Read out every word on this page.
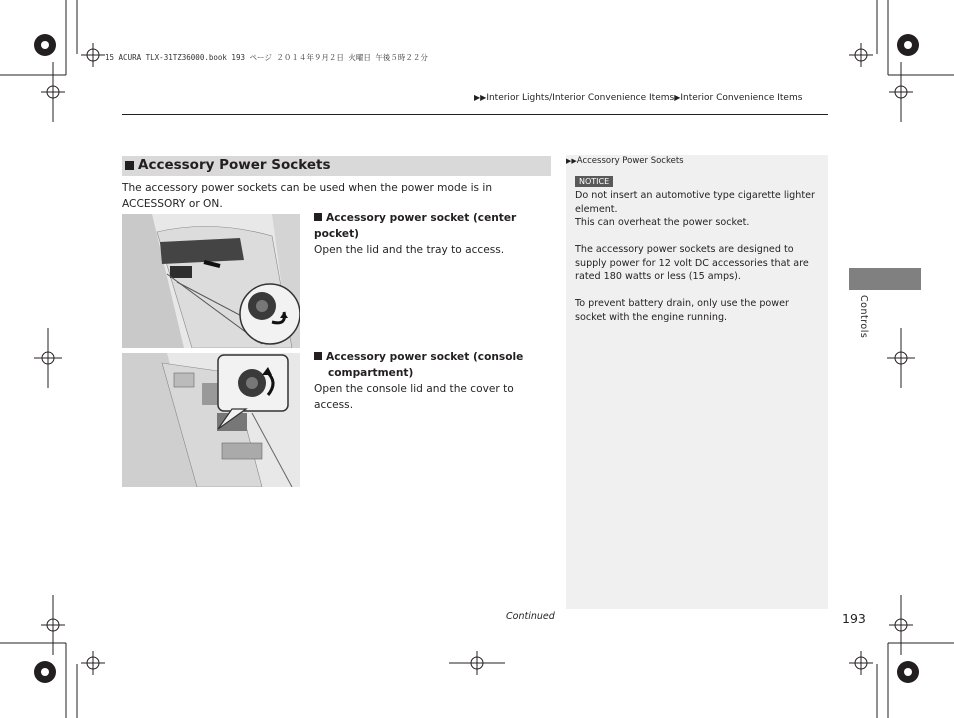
15 ACURA TLX-31TZ36000.book 193 ページ ２０１４年９月２日 火曜日 午後５時２２分
▶▶Interior Lights/Interior Convenience Items▶Interior Convenience Items
Accessory Power Sockets
The accessory power sockets can be used when the power mode is in ACCESSORY or ON.
Accessory power socket (center pocket)
Open the lid and the tray to access.
Accessory power socket (console compartment)
Open the console lid and the cover to access.
▶▶Accessory Power Sockets
NOTICE
Do not insert an automotive type cigarette lighter element.
This can overheat the power socket.
The accessory power sockets are designed to supply power for 12 volt DC accessories that are rated 180 watts or less (15 amps).
To prevent battery drain, only use the power socket with the engine running.	Controls
Continued	193
